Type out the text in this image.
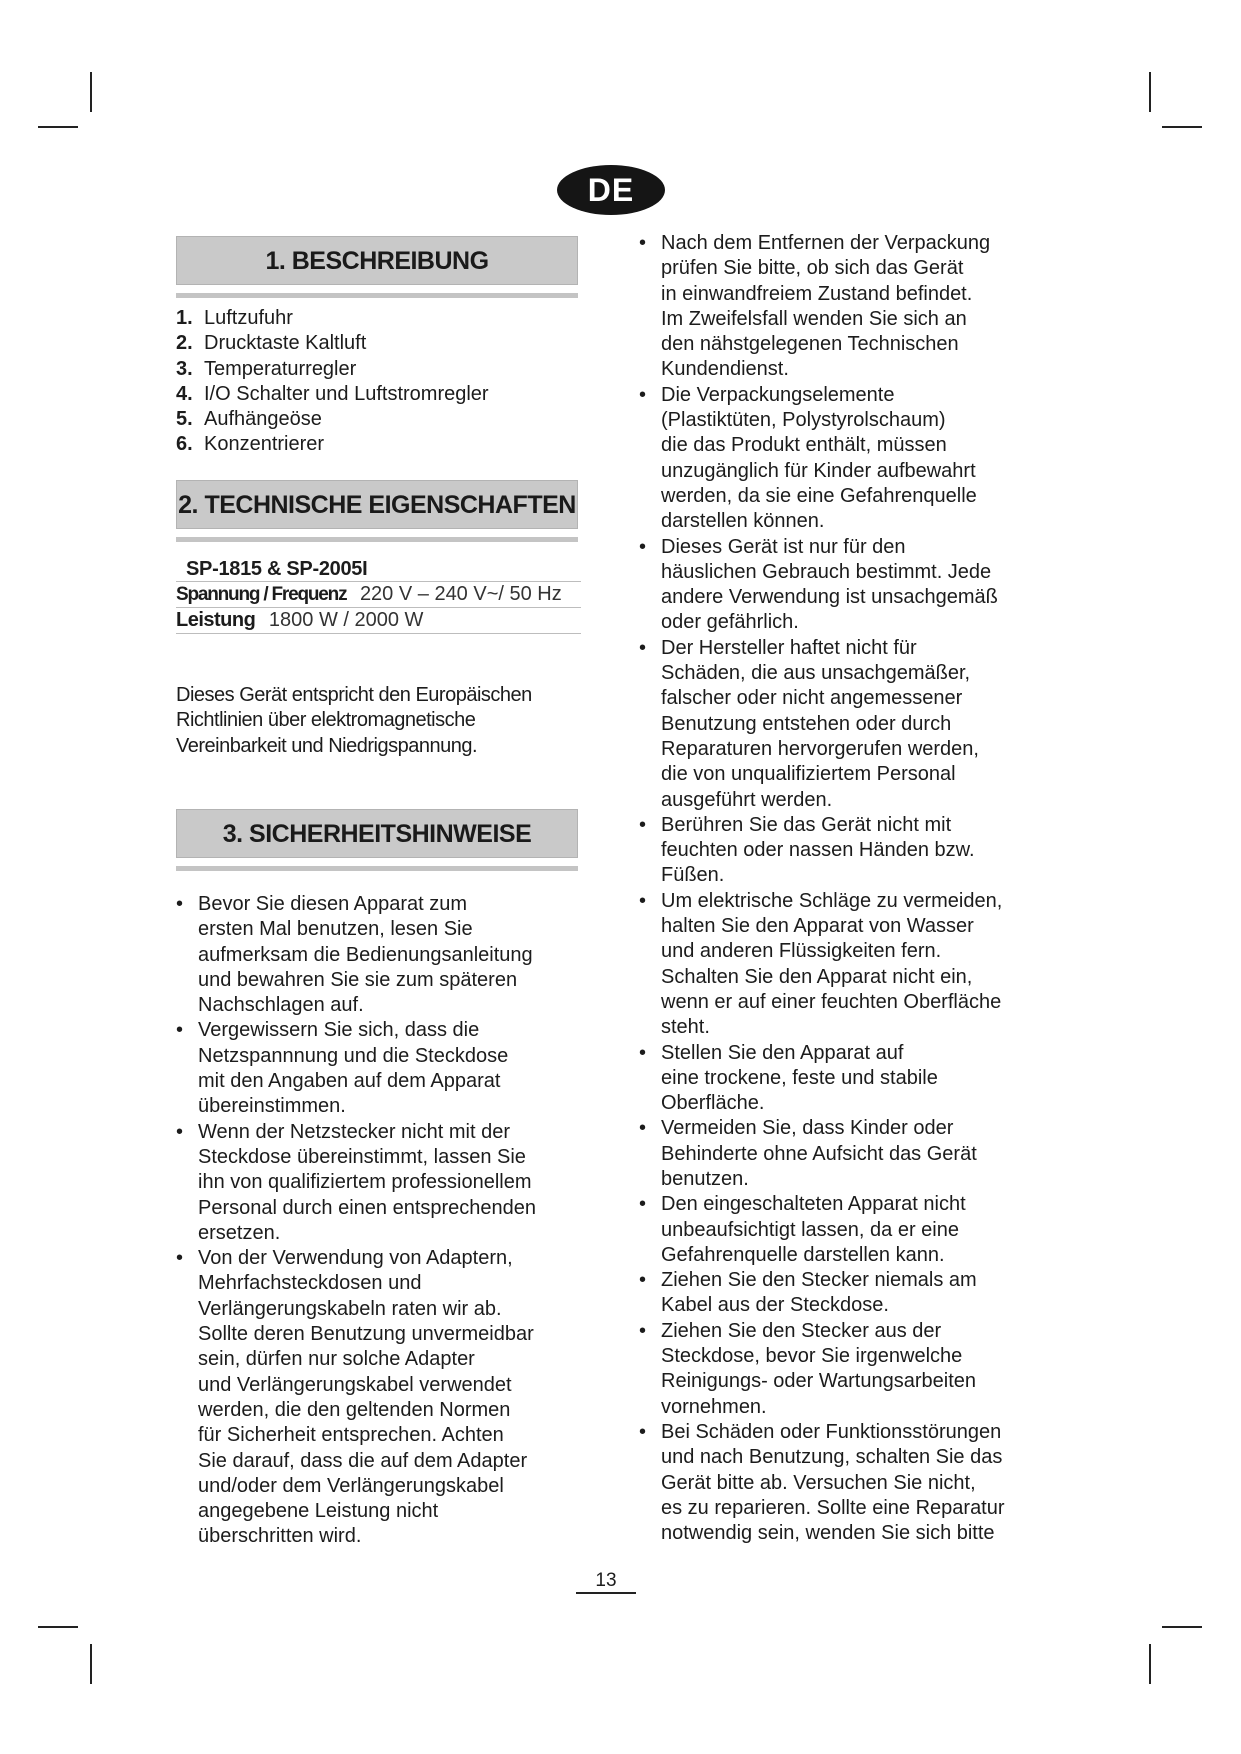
DE
1. BESCHREIBUNG
1. Luftzufuhr
2. Drucktaste Kaltluft
3. Temperaturregler
4. I/O Schalter und Luftstromregler
5. Aufhängeöse
6. Konzentrierer
2. TECHNISCHE EIGENSCHAFTEN
SP-1815 & SP-2005I
Spannung / Frequenz 220 V – 240 V~/ 50 Hz
Leistung 1800 W / 2000 W
Dieses Gerät entspricht den Europäischen
Richtlinien über elektromagnetische
Vereinbarkeit und Niedrigspannung.
3. SICHERHEITSHINWEISE
• Bevor Sie diesen Apparat zum
ersten Mal benutzen, lesen Sie
aufmerksam die Bedienungsanleitung
und bewahren Sie sie zum späteren
Nachschlagen auf.
• Vergewissern Sie sich, dass die
Netzspannnung und die Steckdose
mit den Angaben auf dem Apparat
übereinstimmen.
• Wenn der Netzstecker nicht mit der
Steckdose übereinstimmt, lassen Sie
ihn von qualifiziertem professionellem
Personal durch einen entsprechenden
ersetzen.
• Von der Verwendung von Adaptern,
Mehrfachsteckdosen und
Verlängerungskabeln raten wir ab.
Sollte deren Benutzung unvermeidbar
sein, dürfen nur solche Adapter
und Verlängerungskabel verwendet
werden, die den geltenden Normen
für Sicherheit entsprechen. Achten
Sie darauf, dass die auf dem Adapter
und/oder dem Verlängerungskabel
angegebene Leistung nicht
überschritten wird.
• Nach dem Entfernen der Verpackung
prüfen Sie bitte, ob sich das Gerät
in einwandfreiem Zustand befindet.
Im Zweifelsfall wenden Sie sich an
den nähstgelegenen Technischen
Kundendienst.
• Die Verpackungselemente
(Plastiktüten, Polystyrolschaum)
die das Produkt enthält, müssen
unzugänglich für Kinder aufbewahrt
werden, da sie eine Gefahrenquelle
darstellen können.
• Dieses Gerät ist nur für den
häuslichen Gebrauch bestimmt. Jede
andere Verwendung ist unsachgemäß
oder gefährlich.
• Der Hersteller haftet nicht für
Schäden, die aus unsachgemäßer,
falscher oder nicht angemessener
Benutzung entstehen oder durch
Reparaturen hervorgerufen werden,
die von unqualifiziertem Personal
ausgeführt werden.
• Berühren Sie das Gerät nicht mit
feuchten oder nassen Händen bzw.
Füßen.
• Um elektrische Schläge zu vermeiden,
halten Sie den Apparat von Wasser
und anderen Flüssigkeiten fern.
Schalten Sie den Apparat nicht ein,
wenn er auf einer feuchten Oberfläche
steht.
• Stellen Sie den Apparat auf
eine trockene, feste und stabile
Oberfläche.
• Vermeiden Sie, dass Kinder oder
Behinderte ohne Aufsicht das Gerät
benutzen.
• Den eingeschalteten Apparat nicht
unbeaufsichtigt lassen, da er eine
Gefahrenquelle darstellen kann.
• Ziehen Sie den Stecker niemals am
Kabel aus der Steckdose.
• Ziehen Sie den Stecker aus der
Steckdose, bevor Sie irgenwelche
Reinigungs- oder Wartungsarbeiten
vornehmen.
• Bei Schäden oder Funktionsstörungen
und nach Benutzung, schalten Sie das
Gerät bitte ab. Versuchen Sie nicht,
es zu reparieren. Sollte eine Reparatur
notwendig sein, wenden Sie sich bitte
13
